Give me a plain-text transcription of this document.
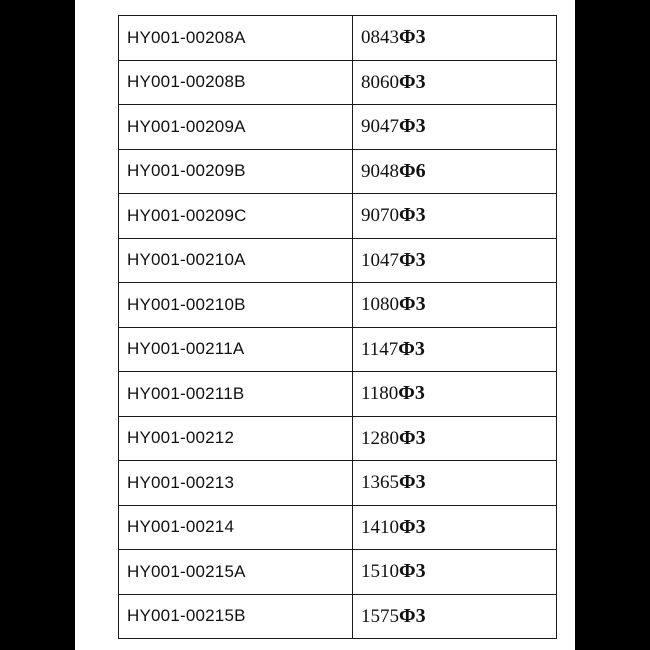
HY001-00208A	0843Φ3
HY001-00208B	8060Φ3
HY001-00209A	9047Φ3
HY001-00209B	9048Φ6
HY001-00209C	9070Φ3
HY001-00210A	1047Φ3
HY001-00210B	1080Φ3
HY001-00211A	1147Φ3
HY001-00211B	1180Φ3
HY001-00212	1280Φ3
HY001-00213	1365Φ3
HY001-00214	1410Φ3
HY001-00215A	1510Φ3
HY001-00215B	1575Φ3
